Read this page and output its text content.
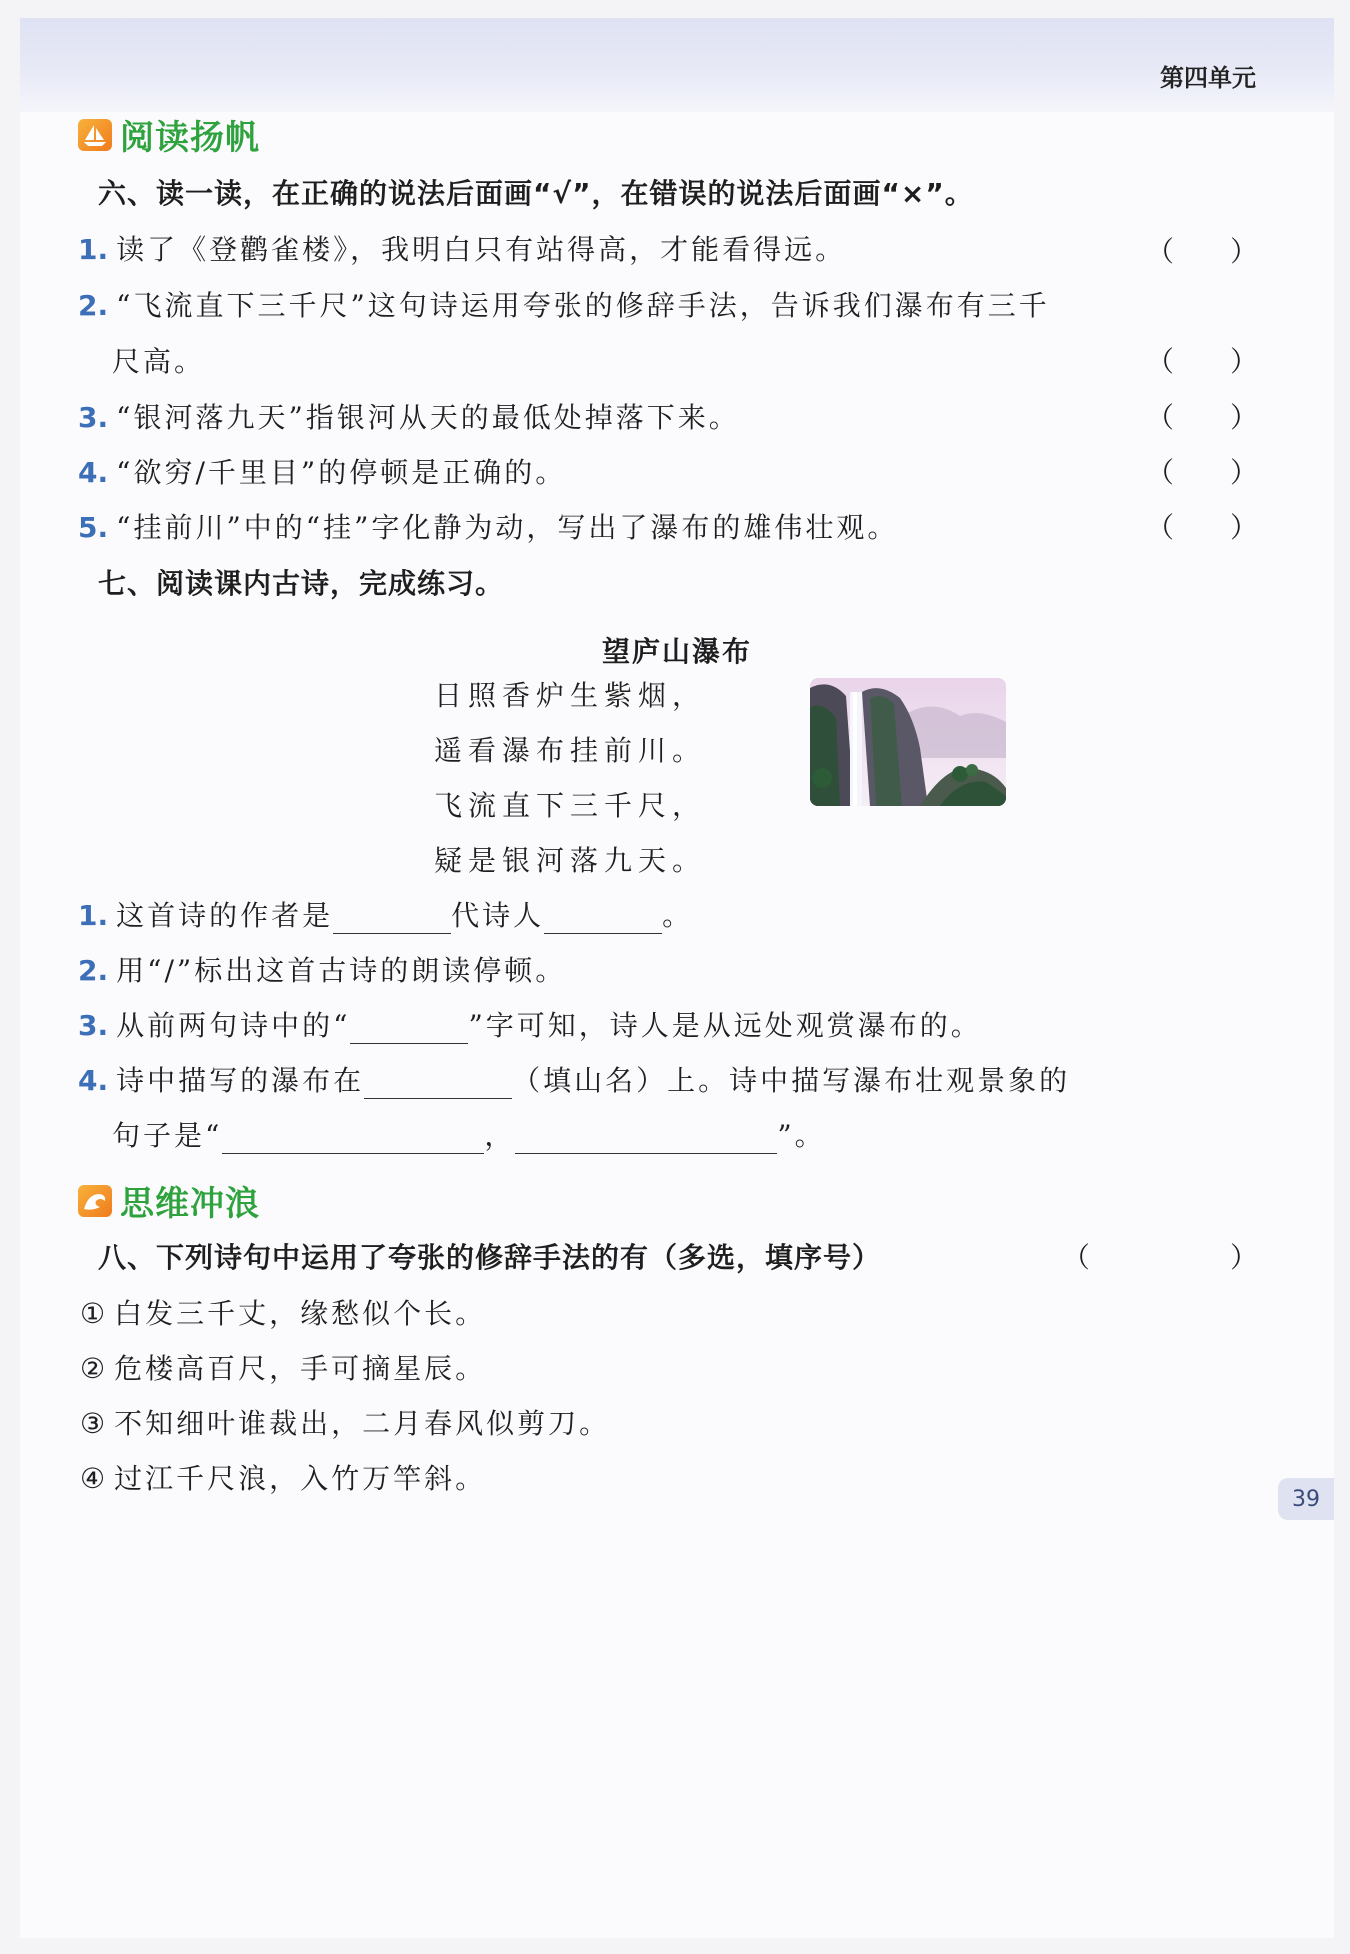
第四单元
阅读扬帆
六、读一读，在正确的说法后面画“√”，在错误的说法后面画“×”。
1. 读了《登鹳雀楼》，我明白只有站得高，才能看得远。	（　　）
2. “飞流直下三千尺”这句诗运用夸张的修辞手法，告诉我们瀑布有三千
尺高。	（　　）
3. “银河落九天”指银河从天的最低处掉落下来。	（　　）
4. “欲穷/千里目”的停顿是正确的。	（　　）
5. “挂前川”中的“挂”字化静为动，写出了瀑布的雄伟壮观。	（　　）
七、阅读课内古诗，完成练习。
望庐山瀑布
日照香炉生紫烟，
遥看瀑布挂前川。
飞流直下三千尺，
疑是银河落九天。
1. 这首诗的作者是	代诗人	。
2. 用“/”标出这首古诗的朗读停顿。
3. 从前两句诗中的“	”字可知，诗人是从远处观赏瀑布的。
4. 诗中描写的瀑布在	（填山名）上。诗中描写瀑布壮观景象的
句子是“	，	”。
思维冲浪
八、下列诗句中运用了夸张的修辞手法的有（多选，填序号）	（　　　　　）
① 白发三千丈，缘愁似个长。
② 危楼高百尺，手可摘星辰。
③ 不知细叶谁裁出，二月春风似剪刀。
④ 过江千尺浪，入竹万竿斜。
39
